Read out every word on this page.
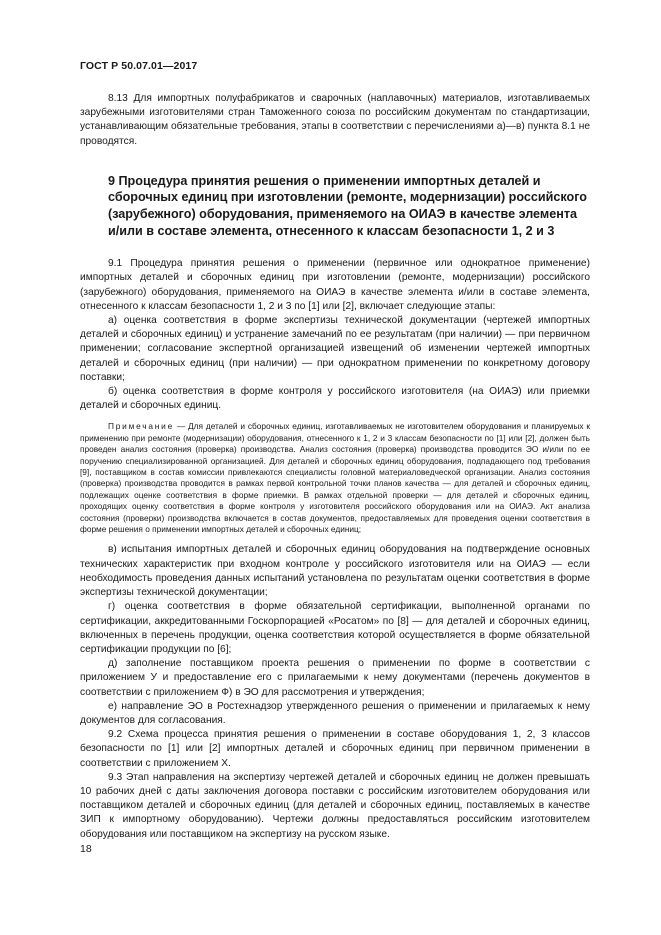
ГОСТ Р 50.07.01—2017

8.13 Для импортных полуфабрикатов и сварочных (наплавочных) материалов, изготавливаемых зарубежными изготовителями стран Таможенного союза по российским документам по стандартизации, устанавливающим обязательные требования, этапы в соответствии с перечислениями а)—в) пункта 8.1 не проводятся.

9 Процедура принятия решения о применении импортных деталей и сборочных единиц при изготовлении (ремонте, модернизации) российского (зарубежного) оборудования, применяемого на ОИАЭ в качестве элемента и/или в составе элемента, отнесенного к классам безопасности 1, 2 и 3

9.1 Процедура принятия решения о применении (первичное или однократное применение) импортных деталей и сборочных единиц при изготовлении (ремонте, модернизации) российского (зарубежного) оборудования, применяемого на ОИАЭ в качестве элемента и/или в составе элемента, отнесенного к классам безопасности 1, 2 и 3 по [1] или [2], включает следующие этапы:

а) оценка соответствия в форме экспертизы технической документации (чертежей импортных деталей и сборочных единиц) и устранение замечаний по ее результатам (при наличии) — при первичном применении; согласование экспертной организацией извещений об изменении чертежей импортных деталей и сборочных единиц (при наличии) — при однократном применении по конкретному договору поставки;

б) оценка соответствия в форме контроля у российского изготовителя (на ОИАЭ) или приемки деталей и сборочных единиц.

Примечание — Для деталей и сборочных единиц, изготавливаемых не изготовителем оборудования и планируемых к применению при ремонте (модернизации) оборудования, отнесенного к 1, 2 и 3 классам безопасности по [1] или [2], должен быть проведен анализ состояния (проверка) производства. Анализ состояния (проверка) производства проводится ЭО и/или по ее поручению специализированной организацией. Для деталей и сборочных единиц оборудования, подпадающего под требования [9], поставщиком в состав комиссии привлекаются специалисты головной материаловедческой организации. Анализ состояния (проверка) производства проводится в рамках первой контрольной точки планов качества — для деталей и сборочных единиц, подлежащих оценке соответствия в форме приемки. В рамках отдельной проверки — для деталей и сборочных единиц, проходящих оценку соответствия в форме контроля у изготовителя российского оборудования или на ОИАЭ. Акт анализа состояния (проверки) производства включается в состав документов, предоставляемых для проведения оценки соответствия в форме решения о применении импортных деталей и сборочных единиц;

в) испытания импортных деталей и сборочных единиц оборудования на подтверждение основных технических характеристик при входном контроле у российского изготовителя или на ОИАЭ — если необходимость проведения данных испытаний установлена по результатам оценки соответствия в форме экспертизы технической документации;

г) оценка соответствия в форме обязательной сертификации, выполненной органами по сертификации, аккредитованными Госкорпорацией «Росатом» по [8] — для деталей и сборочных единиц, включенных в перечень продукции, оценка соответствия которой осуществляется в форме обязательной сертификации продукции по [6];

д) заполнение поставщиком проекта решения о применении по форме в соответствии с приложением У и предоставление его с прилагаемыми к нему документами (перечень документов в соответствии с приложением Ф) в ЭО для рассмотрения и утверждения;

е) направление ЭО в Ростехнадзор утвержденного решения о применении и прилагаемых к нему документов для согласования.

9.2 Схема процесса принятия решения о применении в составе оборудования 1, 2, 3 классов безопасности по [1] или [2] импортных деталей и сборочных единиц при первичном применении в соответствии с приложением Х.

9.3 Этап направления на экспертизу чертежей деталей и сборочных единиц не должен превышать 10 рабочих дней с даты заключения договора поставки с российским изготовителем оборудования или поставщиком деталей и сборочных единиц (для деталей и сборочных единиц, поставляемых в качестве ЗИП к импортному оборудованию). Чертежи должны предоставляться российским изготовителем оборудования или поставщиком на экспертизу на русском языке.

18
